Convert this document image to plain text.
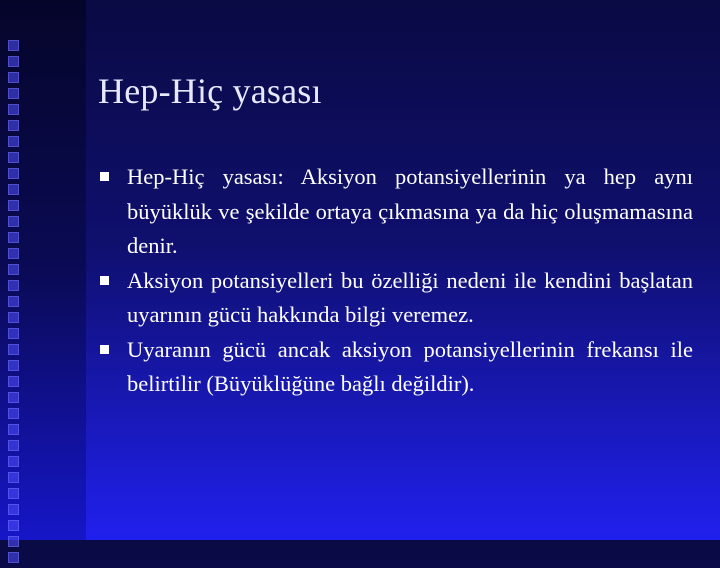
Hep-Hiç yasası
Hep-Hiç yasası: Aksiyon potansiyellerinin ya hep aynı büyüklük ve şekilde ortaya çıkmasına ya da hiç oluşmamasına denir.
Aksiyon potansiyelleri bu özelliği nedeni ile kendini başlatan uyarının gücü hakkında bilgi veremez.
Uyaranın gücü ancak aksiyon potansiyellerinin frekansı ile belirtilir (Büyüklüğüne bağlı değildir).
